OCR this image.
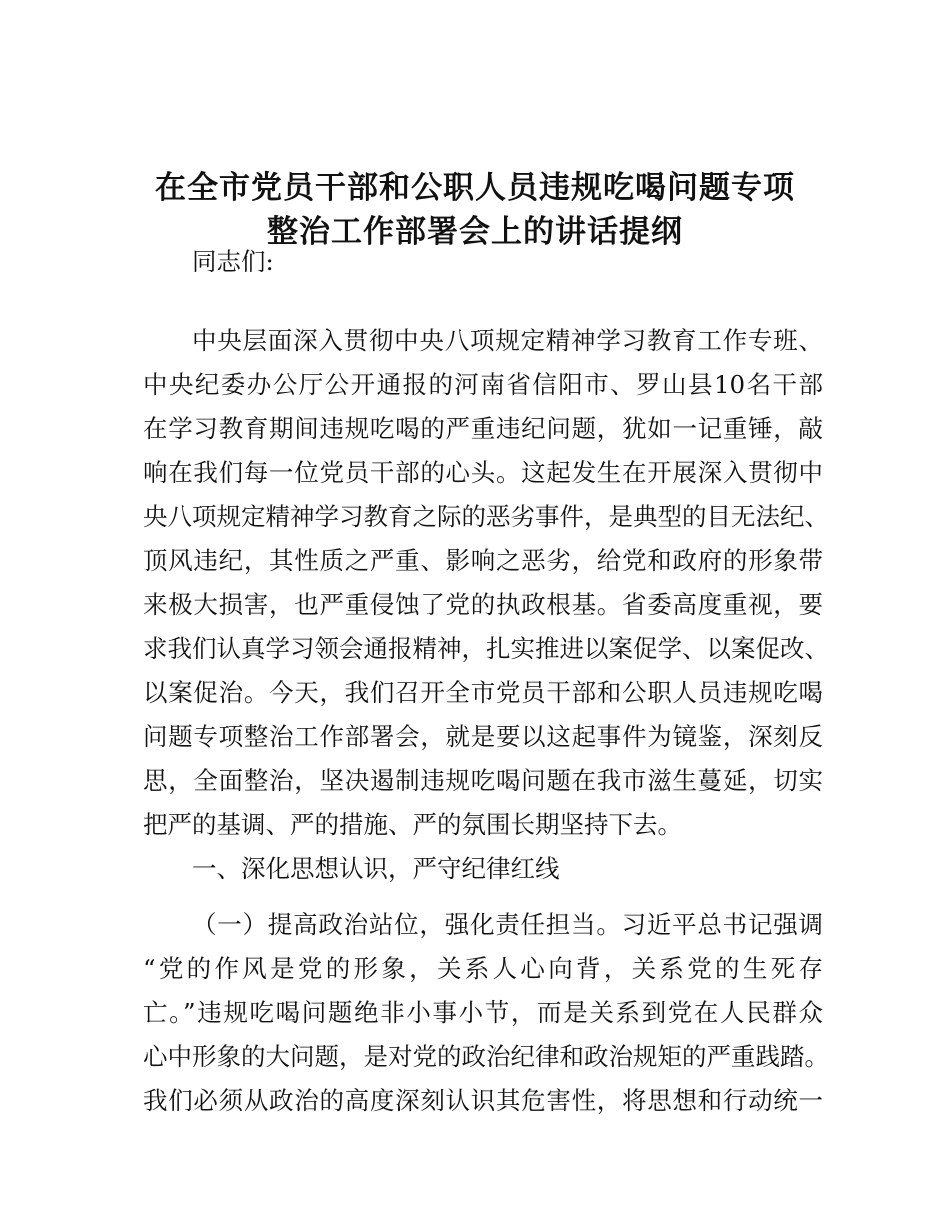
在全市党员干部和公职人员违规吃喝问题专项
整治工作部署会上的讲话提纲
同志们:
中央层面深入贯彻中央八项规定精神学习教育工作专班、
中央纪委办公厅公开通报的河南省信阳市、罗山县10名干部
在学习教育期间违规吃喝的严重违纪问题，犹如一记重锤，敲
响在我们每一位党员干部的心头。这起发生在开展深入贯彻中
央八项规定精神学习教育之际的恶劣事件，是典型的目无法纪、
顶风违纪，其性质之严重、影响之恶劣，给党和政府的形象带
来极大损害，也严重侵蚀了党的执政根基。省委高度重视，要
求我们认真学习领会通报精神，扎实推进以案促学、以案促改、
以案促治。今天，我们召开全市党员干部和公职人员违规吃喝
问题专项整治工作部署会，就是要以这起事件为镜鉴，深刻反
思，全面整治，坚决遏制违规吃喝问题在我市滋生蔓延，切实
把严的基调、严的措施、严的氛围长期坚持下去。
一、深化思想认识，严守纪律红线
（一）提高政治站位，强化责任担当。习近平总书记强调
“党的作风是党的形象，关系人心向背，关系党的生死存
亡。”违规吃喝问题绝非小事小节，而是关系到党在人民群众
心中形象的大问题，是对党的政治纪律和政治规矩的严重践踏。
我们必须从政治的高度深刻认识其危害性，将思想和行动统一
